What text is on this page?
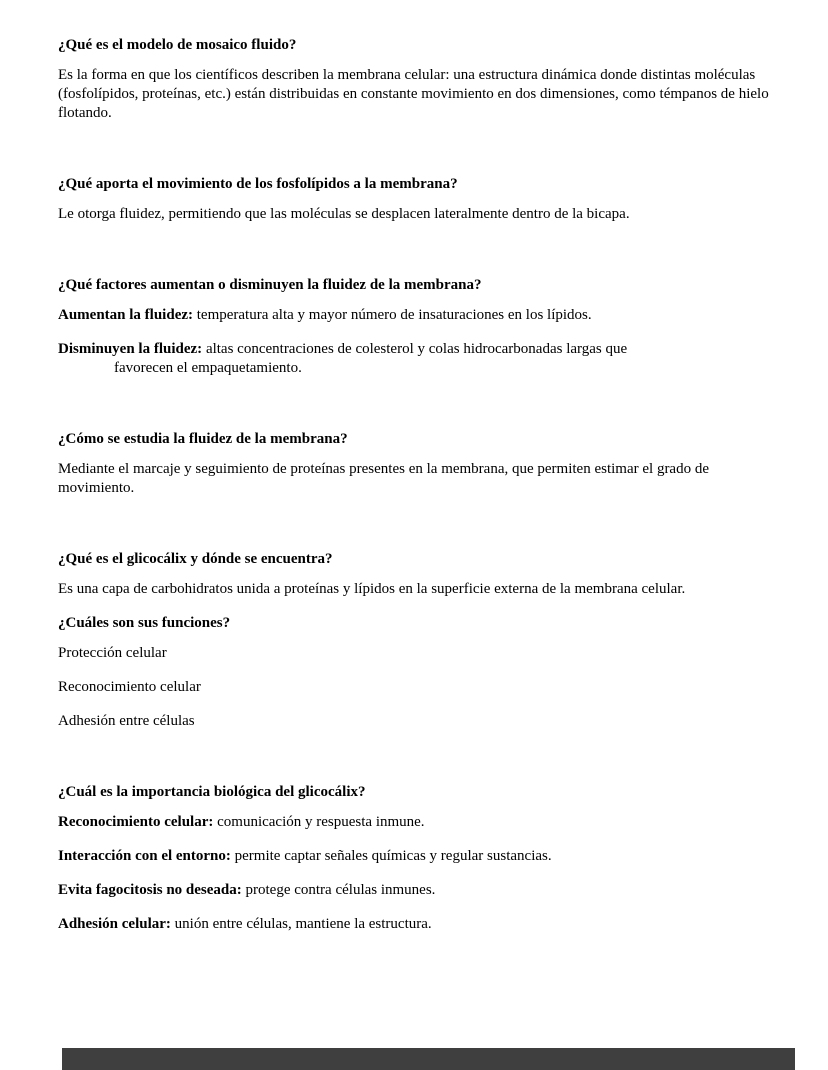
¿Qué es el modelo de mosaico fluido?

Es la forma en que los científicos describen la membrana celular: una estructura dinámica donde distintas moléculas (fosfolípidos, proteínas, etc.) están distribuidas en constante movimiento en dos dimensiones, como témpanos de hielo flotando.

¿Qué aporta el movimiento de los fosfolípidos a la membrana?

Le otorga fluidez, permitiendo que las moléculas se desplacen lateralmente dentro de la bicapa.

¿Qué factores aumentan o disminuyen la fluidez de la membrana?

Aumentan la fluidez: temperatura alta y mayor número de insaturaciones en los lípidos.

Disminuyen la fluidez: altas concentraciones de colesterol y colas hidrocarbonadas largas que
favorecen el empaquetamiento.

¿Cómo se estudia la fluidez de la membrana?

Mediante el marcaje y seguimiento de proteínas presentes en la membrana, que permiten estimar el grado de movimiento.

¿Qué es el glicocálix y dónde se encuentra?

Es una capa de carbohidratos unida a proteínas y lípidos en la superficie externa de la membrana celular.

¿Cuáles son sus funciones?

Protección celular

Reconocimiento celular

Adhesión entre células

¿Cuál es la importancia biológica del glicocálix?

Reconocimiento celular: comunicación y respuesta inmune.

Interacción con el entorno: permite captar señales químicas y regular sustancias.

Evita fagocitosis no deseada: protege contra células inmunes.

Adhesión celular: unión entre células, mantiene la estructura.
